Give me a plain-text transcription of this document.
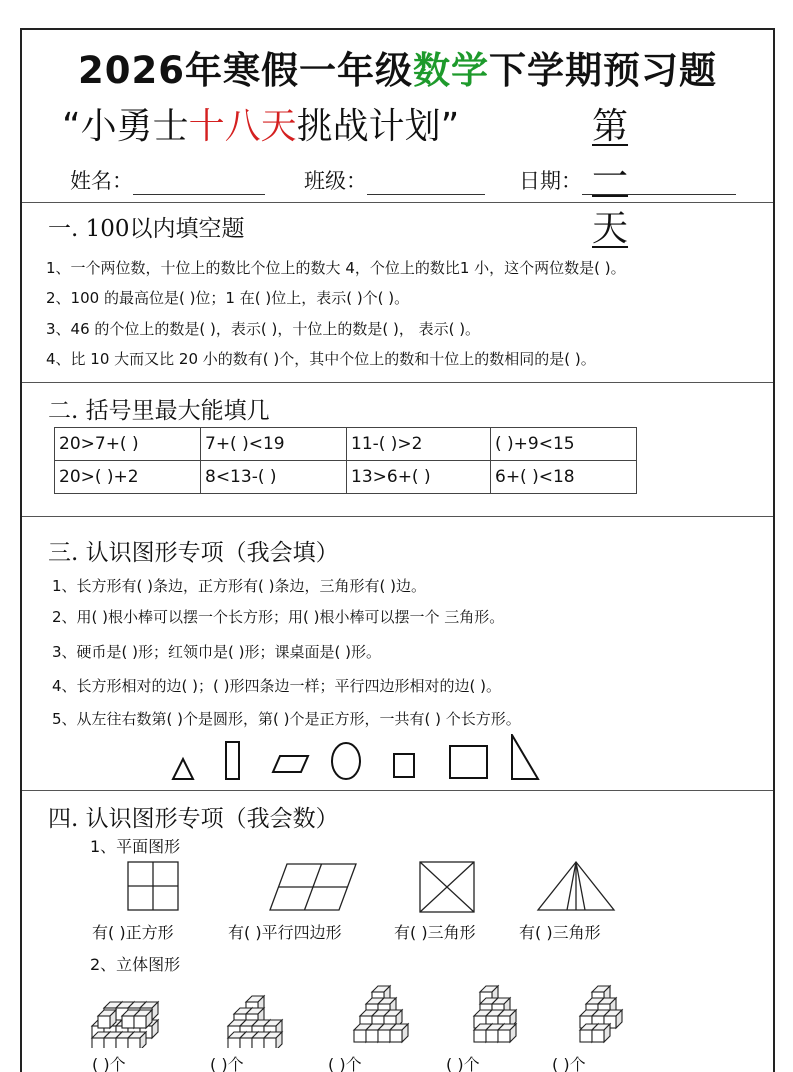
2026年寒假一年级数学下学期预习题
“小勇士十八天挑战计划”	第一天
姓名：	班级：	日期：
一. 100以内填空题
1、一个两位数，十位上的数比个位上的数大 4，个位上的数比1 小，这个两位数是( )。
2、100 的最高位是( )位；1 在( )位上，表示( )个( )。
3、46 的个位上的数是( )，表示( )，十位上的数是( )， 表示( )。
4、比 10 大而又比 20 小的数有( )个，其中个位上的数和十位上的数相同的是( )。
二. 括号里最大能填几
20>7+( )	7+( )<19	11-( )>2	( )+9<15
20>( )+2	8<13-( )	13>6+( )	6+( )<18
三. 认识图形专项（我会填）
1、长方形有( )条边，正方形有( )条边，三角形有( )边。
2、用( )根小棒可以摆一个长方形；用( )根小棒可以摆一个 三角形。
3、硬币是( )形；红领巾是( )形；课桌面是( )形。
4、长方形相对的边( )；( )形四条边一样；平行四边形相对的边( )。
5、从左往右数第( )个是圆形，第( )个是正方形，一共有( ) 个长方形。
四. 认识图形专项（我会数）
1、平面图形
有( )正方形	有( )平行四边形	有( )三角形	有( )三角形
2、立体图形
( )个	( )个	( )个	( )个	( )个
